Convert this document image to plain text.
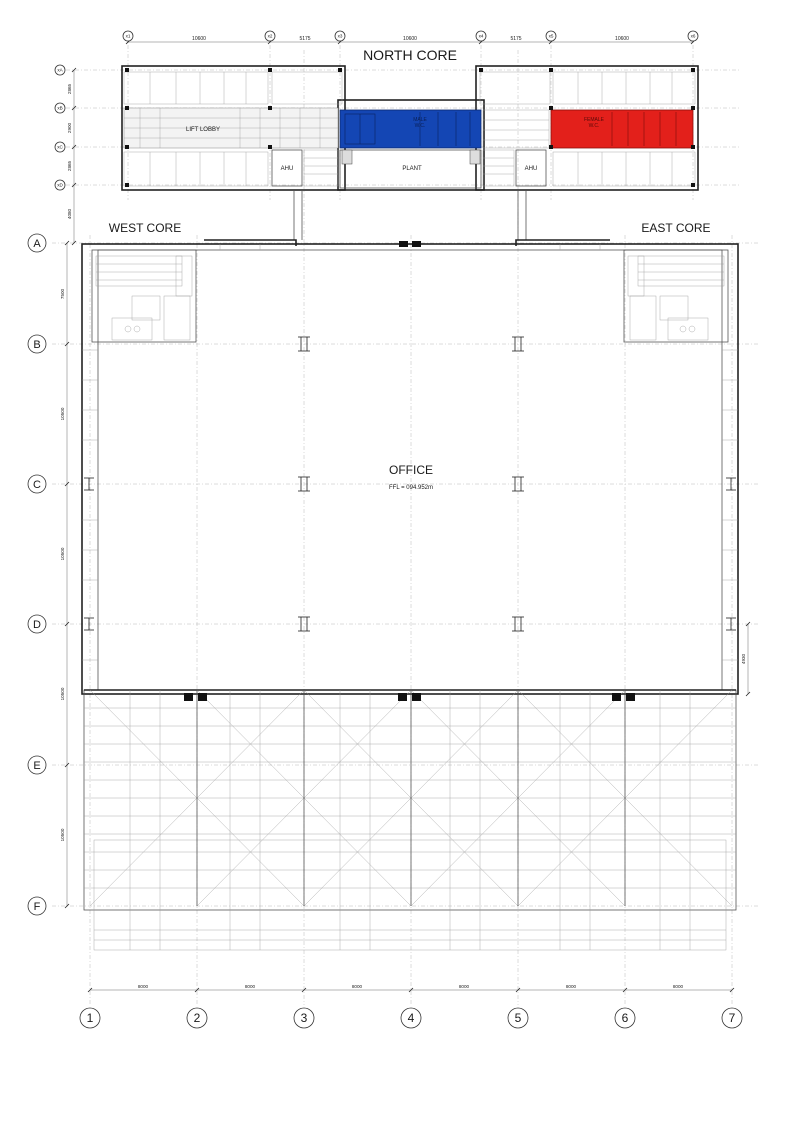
10600	5175	10600	5175	10600
x1	x2	x3	x4	x5	x6
xA
xB
xC
xD
2865
2900
2865
4080
NORTH CORE
LIFT LOBBY
MALE
W.C.
PLANT
AHU	AHU
FEMALE
W.C.
WEST CORE	EAST CORE
OFFICE
FFL = 094.952m
A
B
C
D
E
F
7500
10500
10500
10500
10500
4930
8000	8000	8000	8000	8000	8000
1	2	3	4	5	6	7
